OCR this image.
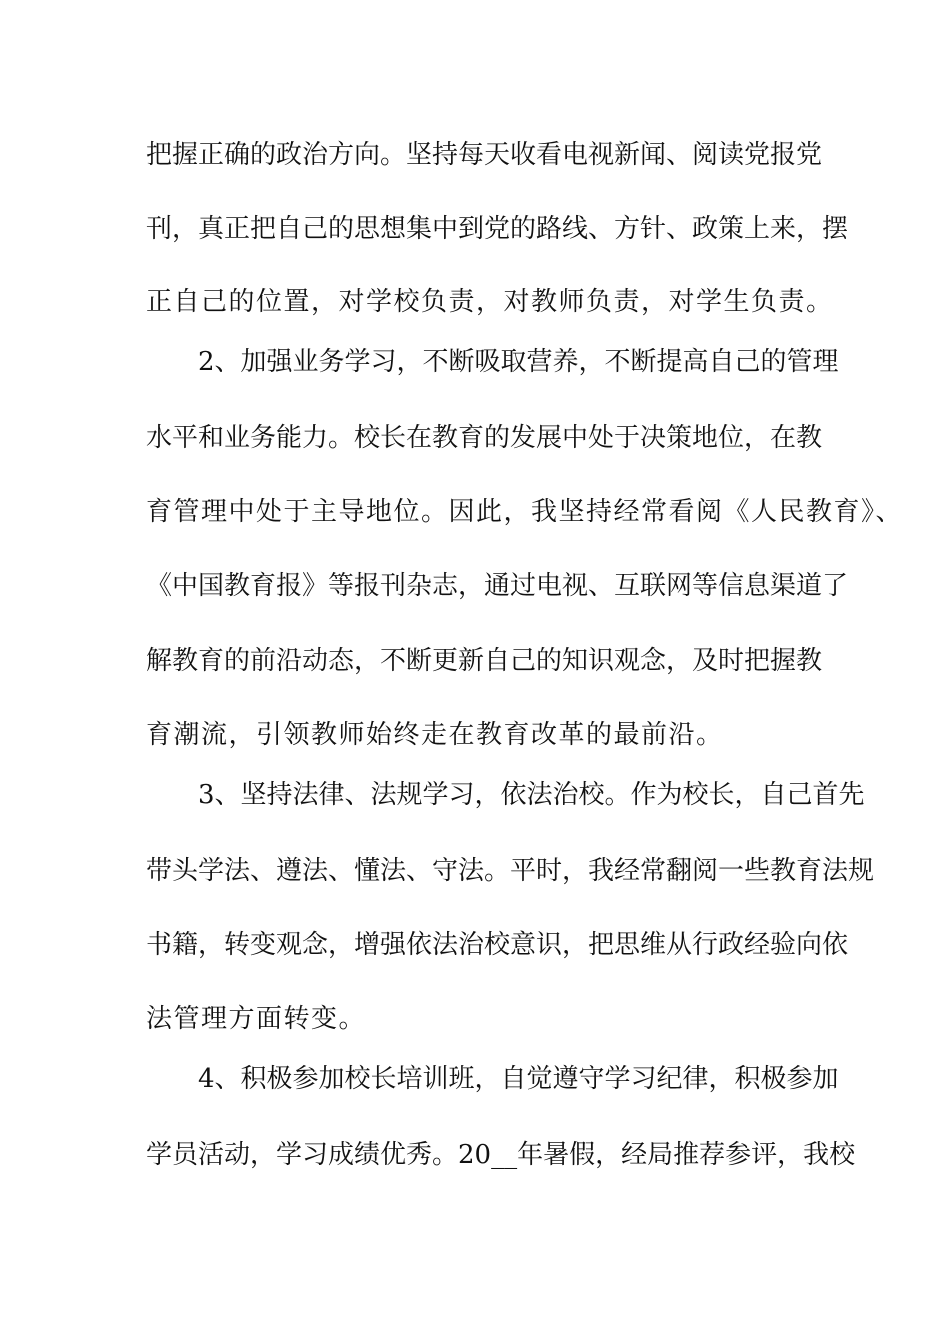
把握正确的政治方向。坚持每天收看电视新闻、阅读党报党
刊，真正把自己的思想集中到党的路线、方针、政策上来，摆
正自己的位置，对学校负责，对教师负责，对学生负责。
2、加强业务学习，不断吸取营养，不断提高自己的管理
水平和业务能力。校长在教育的发展中处于决策地位，在教
育管理中处于主导地位。因此，我坚持经常看阅《人民教育》、
《中国教育报》等报刊杂志，通过电视、互联网等信息渠道了
解教育的前沿动态，不断更新自己的知识观念，及时把握教
育潮流，引领教师始终走在教育改革的最前沿。
3、坚持法律、法规学习，依法治校。作为校长，自己首先
带头学法、遵法、懂法、守法。平时，我经常翻阅一些教育法规
书籍，转变观念，增强依法治校意识，把思维从行政经验向依
法管理方面转变。
4、积极参加校长培训班，自觉遵守学习纪律，积极参加
学员活动，学习成绩优秀。20__年暑假，经局推荐参评，我校
